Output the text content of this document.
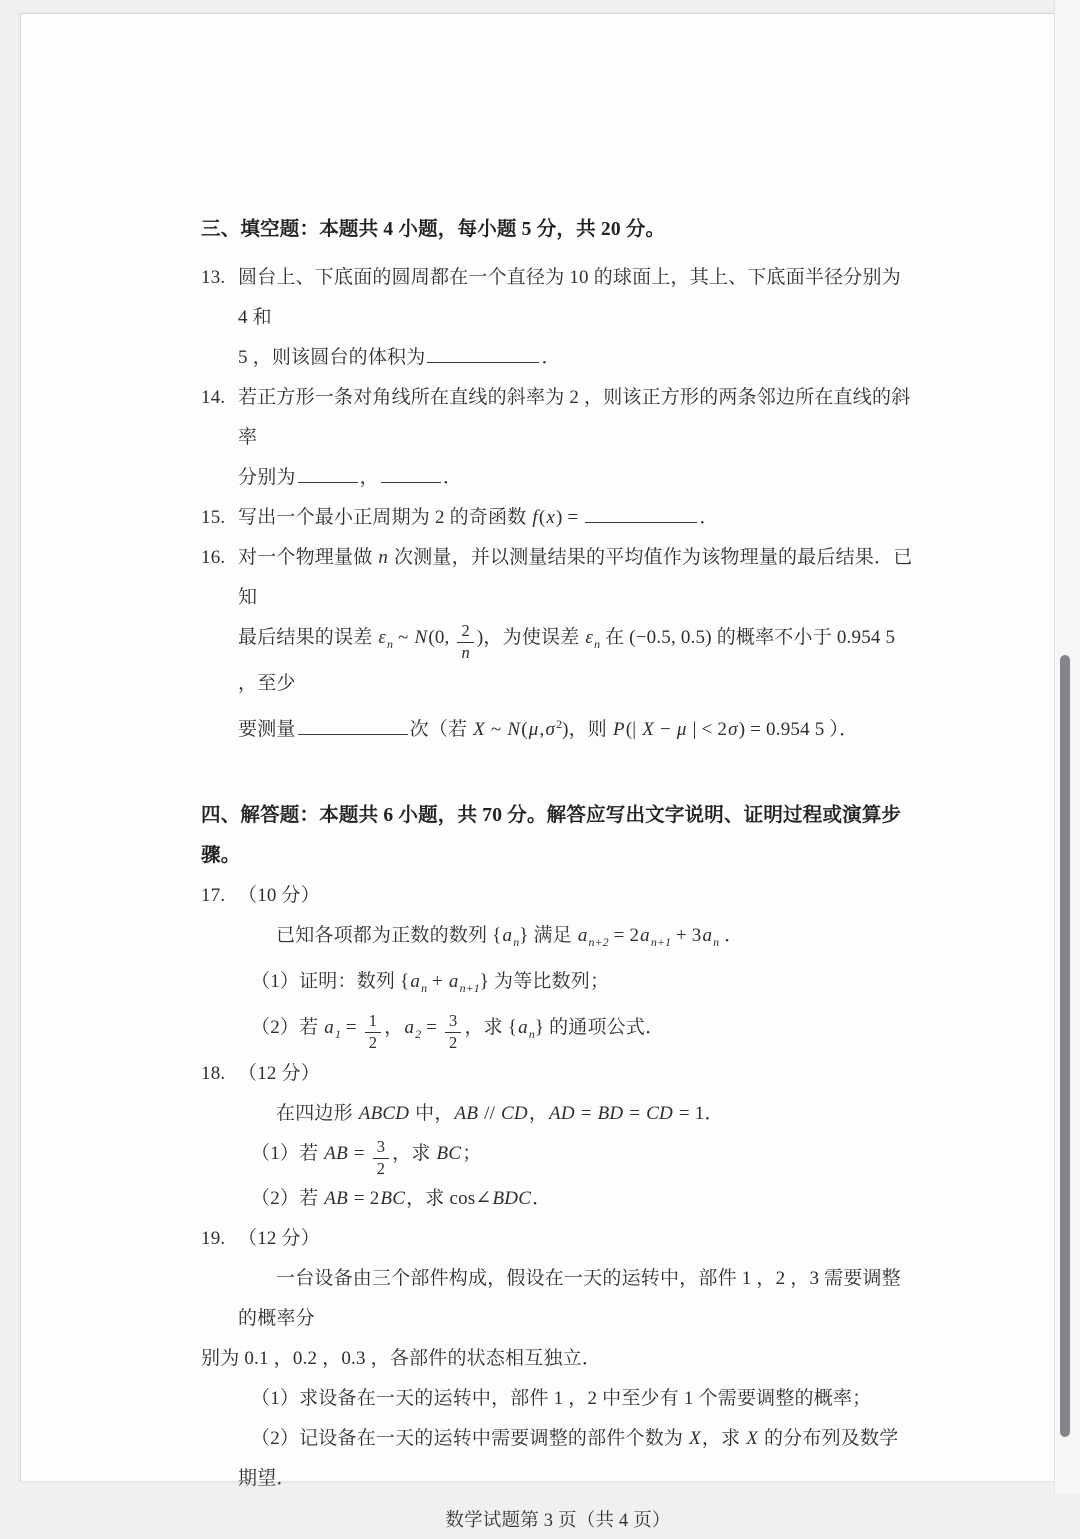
三、填空题：本题共 4 小题，每小题 5 分，共 20 分。
13. 圆台上、下底面的圆周都在一个直径为 10 的球面上，其上、下底面半径分别为 4 和
5 ，则该圆台的体积为	．
14. 若正方形一条对角线所在直线的斜率为 2 ，则该正方形的两条邻边所在直线的斜率
分别为	，	．
15. 写出一个最小正周期为 2 的奇函数 f(x) =	．
16. 对一个物理量做 n 次测量，并以测量结果的平均值作为该物理量的最后结果．已知
最后结果的误差 $\varepsilon_n$ ~ N(0, $\frac{2}{n}$ )，为使误差 $\varepsilon_n$ 在 (−0.5, 0.5) 的概率不小于 0.954 5 ，至少
要测量	次（若 X ~ $N(\mu,\sigma^2)$，则 P(| X − μ | < 2σ) = 0.954 5 ）．
四、解答题：本题共 6 小题，共 70 分。解答应写出文字说明、证明过程或演算步骤。
17. （10 分）
已知各项都为正数的数列 $\{a_n\}$ 满足 $a_{n+2} = 2a_{n+1} + 3a_n$ ．
（1）证明：数列 $\{a_n + a_{n+1}\}$ 为等比数列；
（2）若 $a_1 = \frac{1}{2}$ ，$a_2 = \frac{3}{2}$ ，求 $\{a_n\}$ 的通项公式．
18. （12 分）
在四边形 ABCD 中，AB // CD，AD = BD = CD = 1．
（1）若 AB = $\frac{3}{2}$ ，求 BC；
（2）若 AB = 2BC，求 cos∠BDC．
19. （12 分）
一台设备由三个部件构成，假设在一天的运转中，部件 1 ，2 ，3 需要调整的概率分
别为 0.1 ，0.2 ，0.3 ，各部件的状态相互独立．
（1）求设备在一天的运转中，部件 1 ，2 中至少有 1 个需要调整的概率；
（2）记设备在一天的运转中需要调整的部件个数为 X，求 X 的分布列及数学期望．
数学试题第 3 页（共 4 页）
